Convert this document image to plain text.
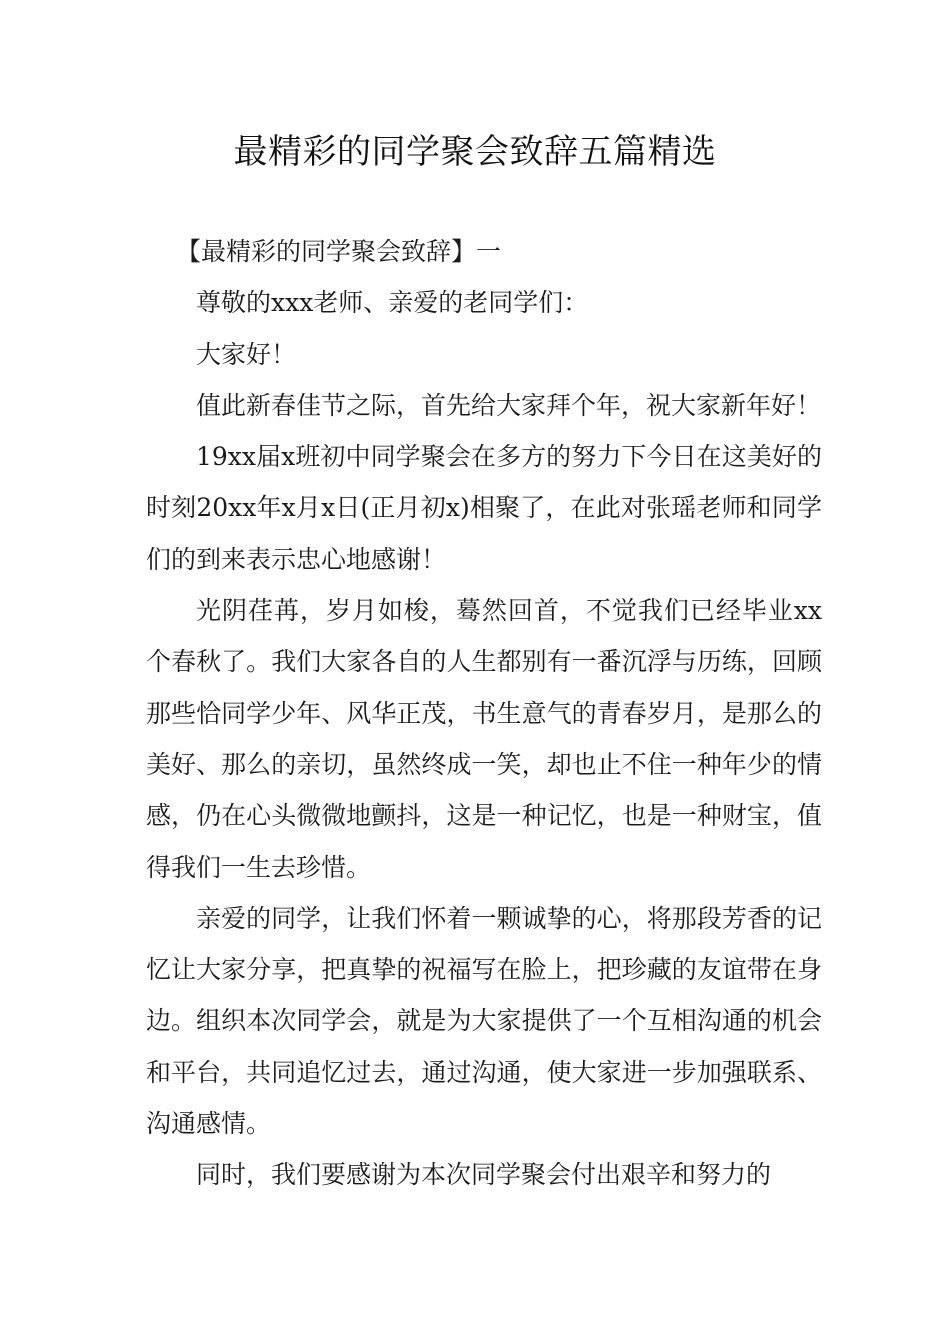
最精彩的同学聚会致辞五篇精选

【最精彩的同学聚会致辞】一

尊敬的xxx老师、亲爱的老同学们：

大家好！

值此新春佳节之际，首先给大家拜个年，祝大家新年好！

19xx届x班初中同学聚会在多方的努力下今日在这美好的时刻20xx年x月x日(正月初x)相聚了，在此对张瑶老师和同学们的到来表示忠心地感谢！

光阴荏苒，岁月如梭，蓦然回首，不觉我们已经毕业xx个春秋了。我们大家各自的人生都别有一番沉浮与历练，回顾那些恰同学少年、风华正茂，书生意气的青春岁月，是那么的美好、那么的亲切，虽然终成一笑，却也止不住一种年少的情感，仍在心头微微地颤抖，这是一种记忆，也是一种财宝，值得我们一生去珍惜。

亲爱的同学，让我们怀着一颗诚挚的心，将那段芳香的记忆让大家分享，把真挚的祝福写在脸上，把珍藏的友谊带在身边。组织本次同学会，就是为大家提供了一个互相沟通的机会和平台，共同追忆过去，通过沟通，使大家进一步加强联系、沟通感情。

同时，我们要感谢为本次同学聚会付出艰辛和努力的
